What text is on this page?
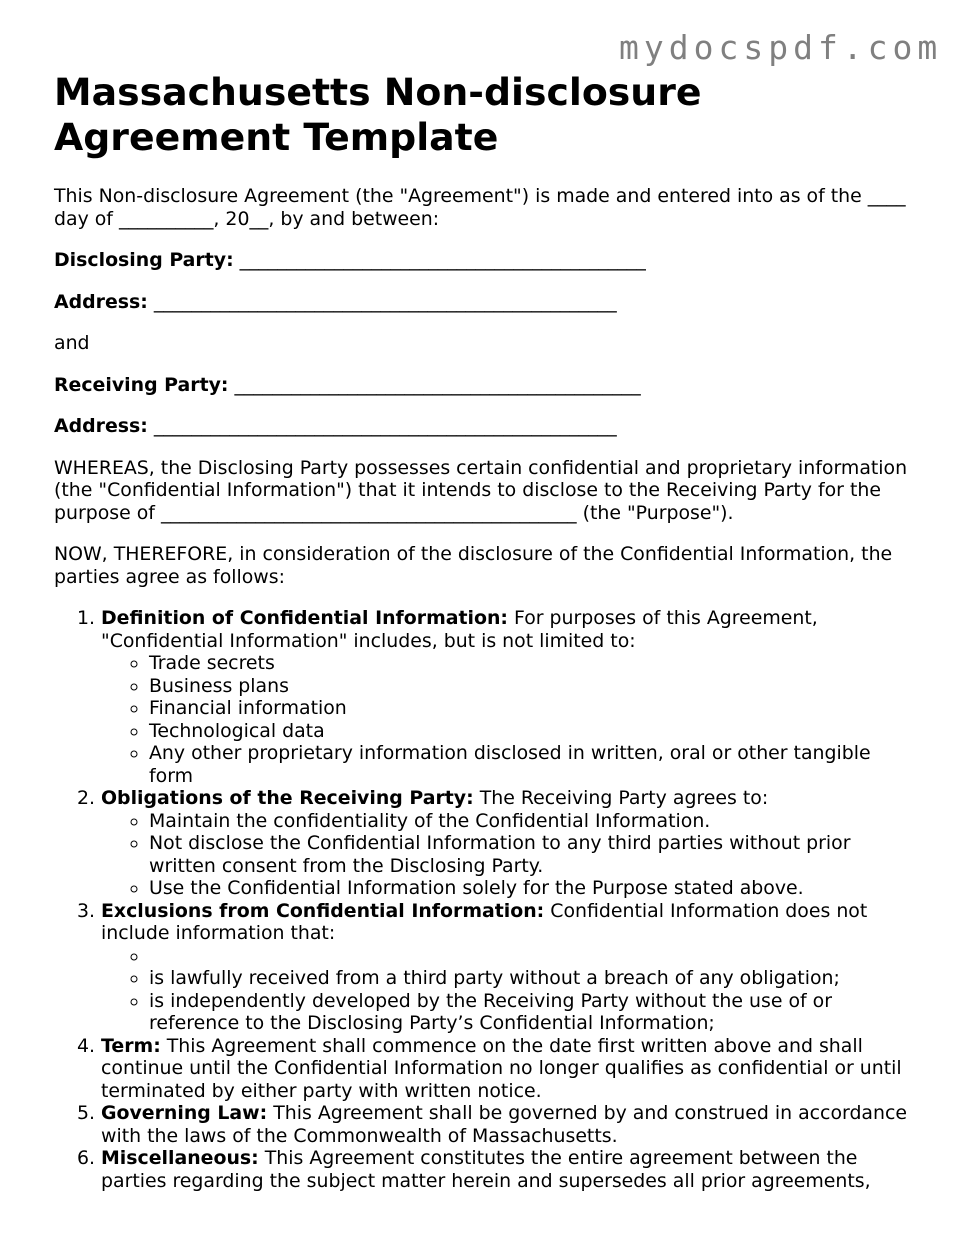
mydocspdf.com
Massachusetts Non-disclosure Agreement Template

This Non-disclosure Agreement (the "Agreement") is made and entered into as of the ____ day of __________, 20__, by and between:

Disclosing Party: ___________________________________________

Address: _________________________________________________

and

Receiving Party: ___________________________________________

Address: _________________________________________________

WHEREAS, the Disclosing Party possesses certain confidential and proprietary information (the "Confidential Information") that it intends to disclose to the Receiving Party for the purpose of ____________________________________________ (the "Purpose").

NOW, THEREFORE, in consideration of the disclosure of the Confidential Information, the parties agree as follows:

1. Definition of Confidential Information: For purposes of this Agreement, "Confidential Information" includes, but is not limited to:
◦ Trade secrets
◦ Business plans
◦ Financial information
◦ Technological data
◦ Any other proprietary information disclosed in written, oral or other tangible form
2. Obligations of the Receiving Party: The Receiving Party agrees to:
◦ Maintain the confidentiality of the Confidential Information.
◦ Not disclose the Confidential Information to any third parties without prior written consent from the Disclosing Party.
◦ Use the Confidential Information solely for the Purpose stated above.
3. Exclusions from Confidential Information: Confidential Information does not include information that:
◦
◦ is lawfully received from a third party without a breach of any obligation;
◦ is independently developed by the Receiving Party without the use of or reference to the Disclosing Party’s Confidential Information;
4. Term: This Agreement shall commence on the date first written above and shall continue until the Confidential Information no longer qualifies as confidential or until terminated by either party with written notice.
5. Governing Law: This Agreement shall be governed by and construed in accordance with the laws of the Commonwealth of Massachusetts.
6. Miscellaneous: This Agreement constitutes the entire agreement between the parties regarding the subject matter herein and supersedes all prior agreements,
